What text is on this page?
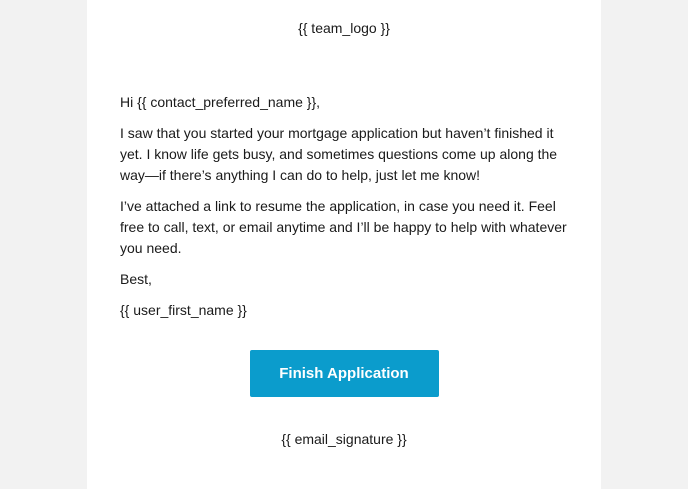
{{ team_logo }}

Hi {{ contact_preferred_name }},

I saw that you started your mortgage application but haven’t finished it yet. I know life gets busy, and sometimes questions come up along the way—if there’s anything I can do to help, just let me know!

I’ve attached a link to resume the application, in case you need it. Feel free to call, text, or email anytime and I’ll be happy to help with whatever you need.

Best,

{{ user_first_name }}

Finish Application
{{ email_signature }}
